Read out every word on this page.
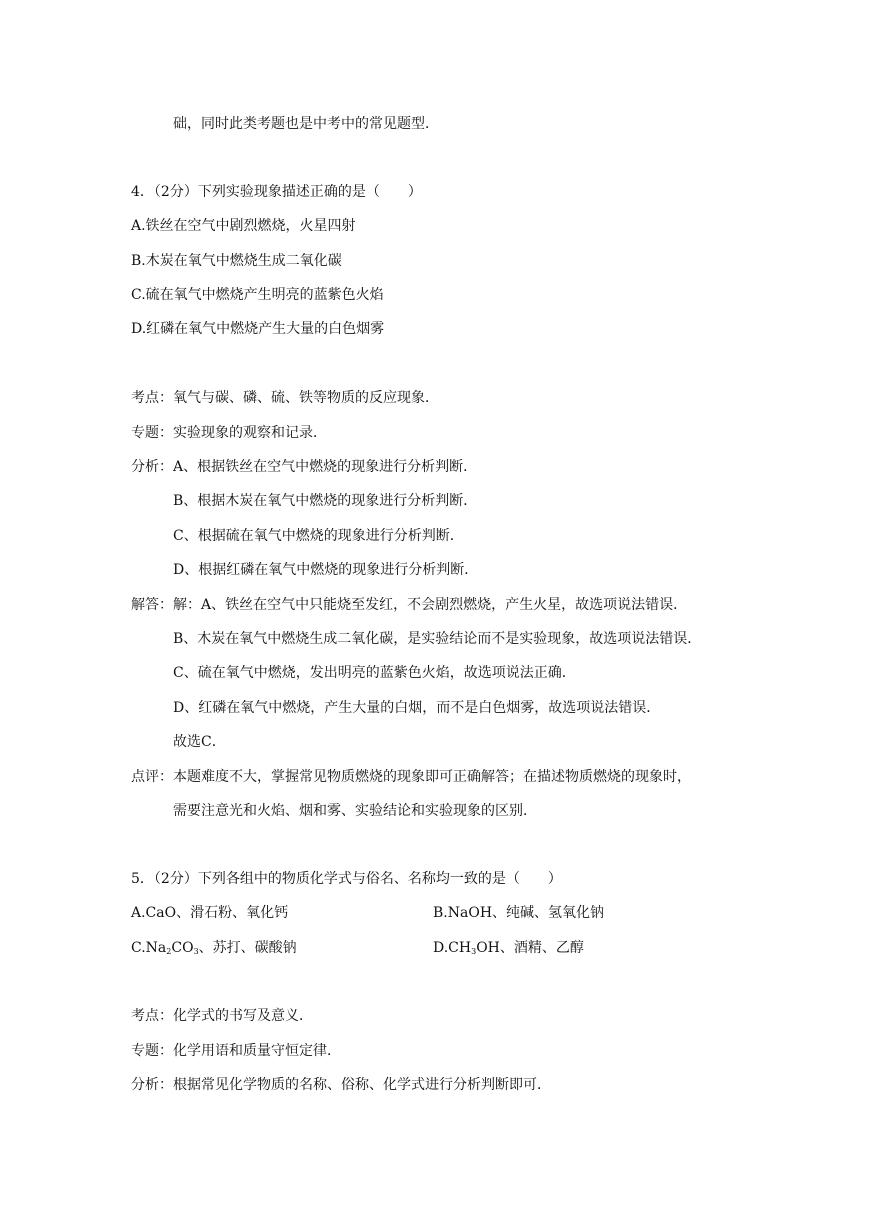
础，同时此类考题也是中考中的常见题型．
4．（2分）下列实验现象描述正确的是（　　）
A.铁丝在空气中剧烈燃烧，火星四射
B.木炭在氧气中燃烧生成二氧化碳
C.硫在氧气中燃烧产生明亮的蓝紫色火焰
D.红磷在氧气中燃烧产生大量的白色烟雾
考点：氧气与碳、磷、硫、铁等物质的反应现象．
专题：实验现象的观察和记录．
分析：A、根据铁丝在空气中燃烧的现象进行分析判断．
B、根据木炭在氧气中燃烧的现象进行分析判断．
C、根据硫在氧气中燃烧的现象进行分析判断．
D、根据红磷在氧气中燃烧的现象进行分析判断．
解答：解：A、铁丝在空气中只能烧至发红，不会剧烈燃烧，产生火星，故选项说法错误．
B、木炭在氧气中燃烧生成二氧化碳，是实验结论而不是实验现象，故选项说法错误．
C、硫在氧气中燃烧，发出明亮的蓝紫色火焰，故选项说法正确．
D、红磷在氧气中燃烧，产生大量的白烟，而不是白色烟雾，故选项说法错误．
故选C．
点评：本题难度不大，掌握常见物质燃烧的现象即可正确解答；在描述物质燃烧的现象时，
需要注意光和火焰、烟和雾、实验结论和实验现象的区别．
5．（2分）下列各组中的物质化学式与俗名、名称均一致的是（　　）
A.CaO、滑石粉、氧化钙	B.NaOH、纯碱、氢氧化钠
$C.Na_2CO_3$、苏打、碳酸钠	$D.CH_3OH$、酒精、乙醇
考点：化学式的书写及意义．
专题：化学用语和质量守恒定律．
分析：根据常见化学物质的名称、俗称、化学式进行分析判断即可．
